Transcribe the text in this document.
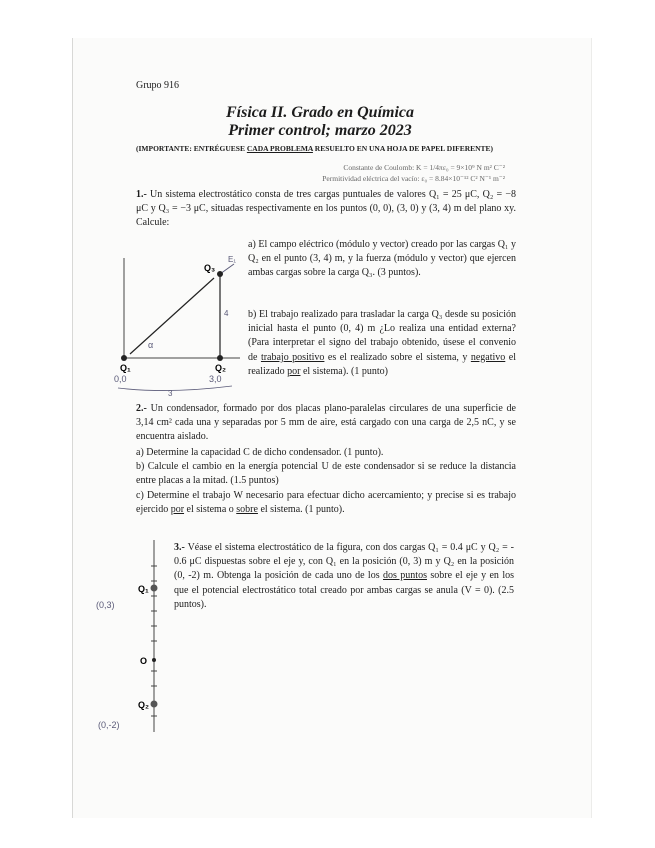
Grupo 916
Física II. Grado en Química
Primer control; marzo 2023
(IMPORTANTE: ENTRÉGUESE CADA PROBLEMA RESUELTO EN UNA HOJA DE PAPEL DIFERENTE)
Constante de Coulomb: K = 1/4πε₀ = 9×10⁹ N m² C⁻²
Permitividad eléctrica del vacío: ε₀ = 8.84×10⁻¹² C² N⁻¹ m⁻²
1.- Un sistema electrostático consta de tres cargas puntuales de valores Q₁ = 25 μC, Q₂ = −8 μC y Q₃ = −3 μC, situadas respectivamente en los puntos (0, 0), (3, 0) y (3, 4) m del plano xy. Calcule:
a) El campo eléctrico (módulo y vector) creado por las cargas Q₁ y Q₂ en el punto (3, 4) m, y la fuerza (módulo y vector) que ejercen ambas cargas sobre la carga Q₃. (3 puntos).
b) El trabajo realizado para trasladar la carga Q₃ desde su posición inicial hasta el punto (0, 4) m ¿Lo realiza una entidad externa? (Para interpretar el signo del trabajo obtenido, úsese el convenio de trabajo positivo es el realizado sobre el sistema, y negativo el realizado por el sistema). (1 punto)
Q₁	Q₂
Q₃
0,0	3,0
E₁
α
3
4
2.- Un condensador, formado por dos placas plano-paralelas circulares de una superficie de 3,14 cm² cada una y separadas por 5 mm de aire, está cargado con una carga de 2,5 nC, y se encuentra aislado.
a) Determine la capacidad C de dicho condensador. (1 punto).
b) Calcule el cambio en la energía potencial U de este condensador si se reduce la distancia entre placas a la mitad. (1.5 puntos)
c) Determine el trabajo W necesario para efectuar dicho acercamiento; y precise si es trabajo ejercido por el sistema o sobre el sistema. (1 punto).
3.- Véase el sistema electrostático de la figura, con dos cargas Q₁ = 0.4 μC y Q₂ = - 0.6 μC dispuestas sobre el eje y, con Q₁ en la posición (0, 3) m y Q₂ en la posición (0, -2) m. Obtenga la posición de cada uno de los dos puntos sobre el eje y en los que el potencial electrostático total creado por ambas cargas se anula (V = 0). (2.5 puntos).
Q₁
O
Q₂
(0,3)
(0,-2)
